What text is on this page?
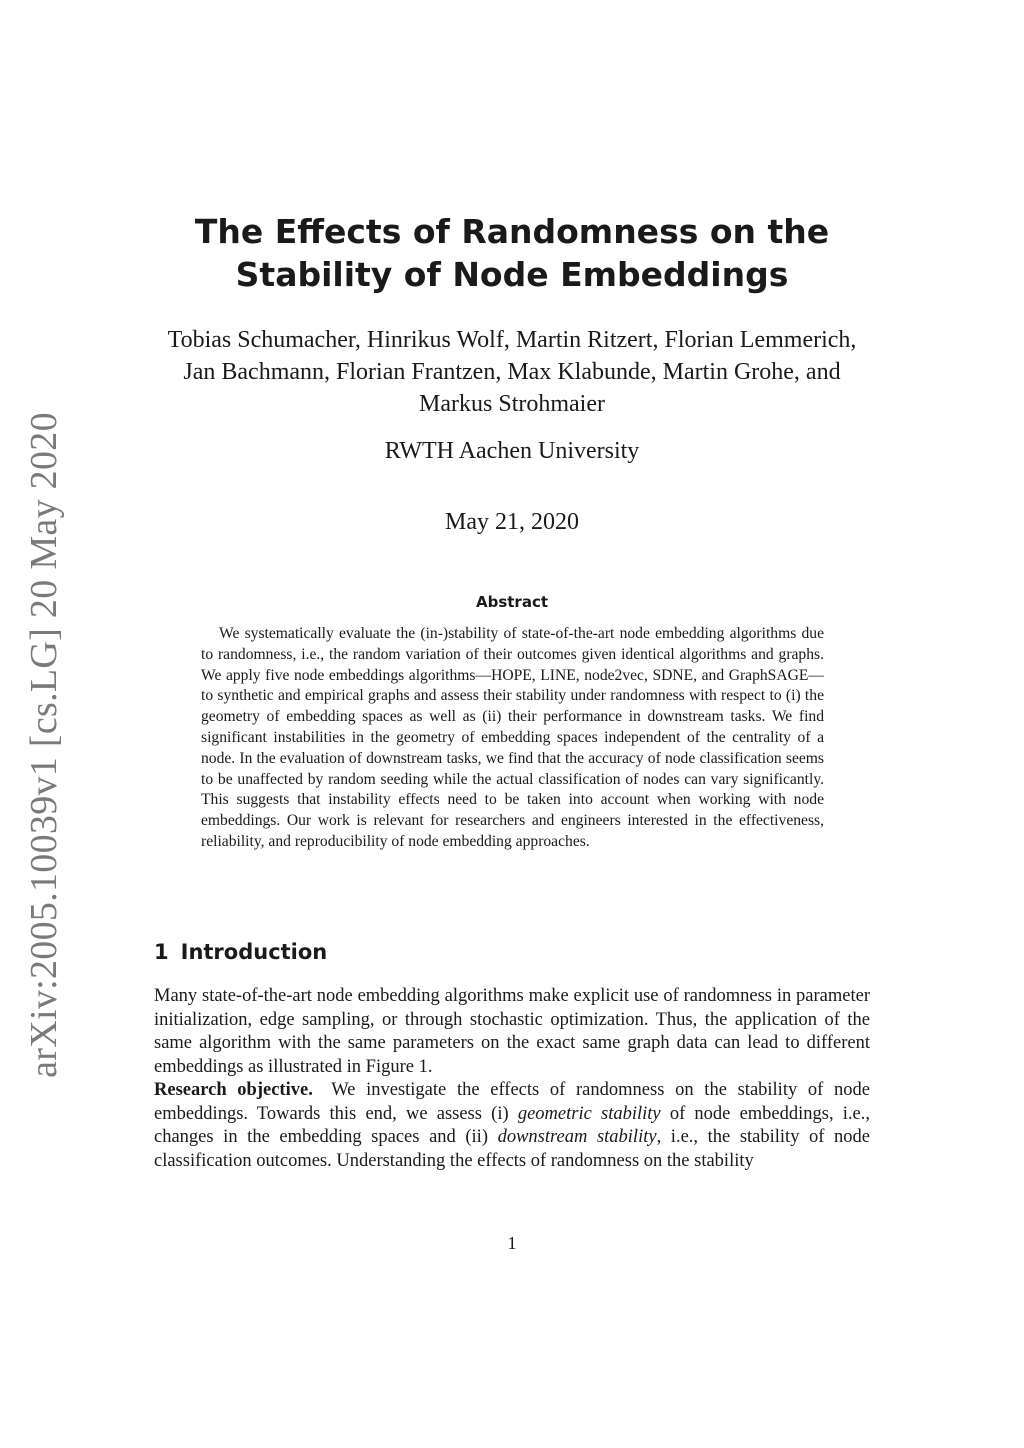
arXiv:2005.10039v1 [cs.LG] 20 May 2020
The Effects of Randomness on the Stability of Node Embeddings

Tobias Schumacher, Hinrikus Wolf, Martin Ritzert, Florian Lemmerich, Jan Bachmann, Florian Frantzen, Max Klabunde, Martin Grohe, and Markus Strohmaier

RWTH Aachen University

May 21, 2020

Abstract

We systematically evaluate the (in-)stability of state-of-the-art node embedding algorithms due to randomness, i.e., the random variation of their outcomes given identical algorithms and graphs. We apply five node embeddings algorithms—HOPE, LINE, node2vec, SDNE, and GraphSAGE—to synthetic and empirical graphs and assess their stability under randomness with respect to (i) the geometry of embedding spaces as well as (ii) their performance in downstream tasks. We find significant instabilities in the geometry of embedding spaces independent of the centrality of a node. In the evaluation of downstream tasks, we find that the accuracy of node classification seems to be unaffected by random seeding while the actual classification of nodes can vary significantly. This suggests that instability effects need to be taken into account when working with node embeddings. Our work is relevant for researchers and engineers interested in the effectiveness, reliability, and reproducibility of node embedding approaches.

1 Introduction

Many state-of-the-art node embedding algorithms make explicit use of randomness in parameter initialization, edge sampling, or through stochastic optimization. Thus, the application of the same algorithm with the same parameters on the exact same graph data can lead to different embeddings as illustrated in Figure 1.

Research objective. We investigate the effects of randomness on the stability of node embeddings. Towards this end, we assess (i) geometric stability of node embeddings, i.e., changes in the embedding spaces and (ii) downstream stability, i.e., the stability of node classification outcomes. Understanding the effects of randomness on the stability

1
